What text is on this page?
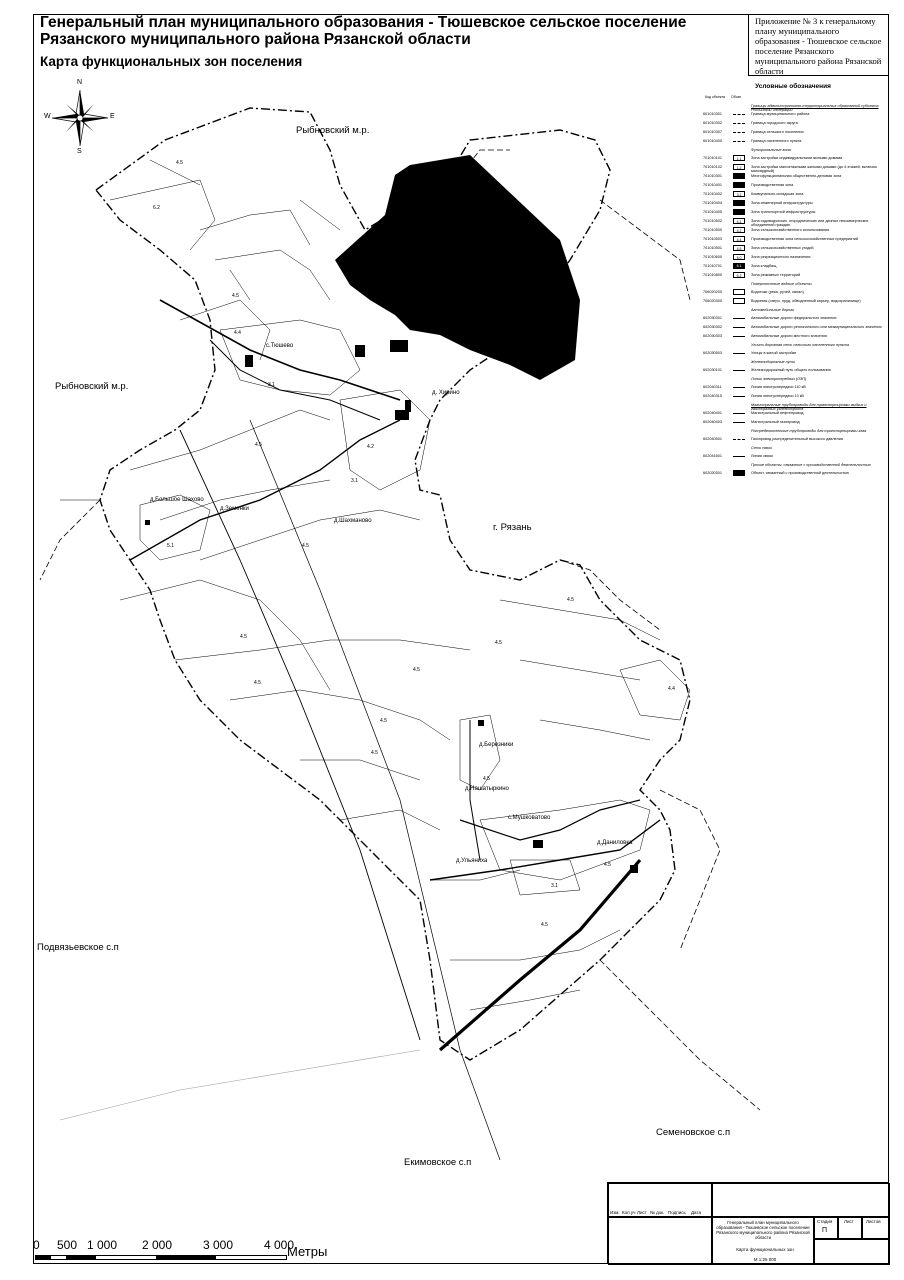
Генеральный план муниципального образования - Тюшевское сельское поселение Рязанского муниципального района Рязанской области
Карта функциональных зон поселения
Приложение № 3 к генеральному плану муниципального образования - Тюшевское сельское поселение Рязанского муниципального района Рязанской области
Рыбновский м.р.
Рыбновский м.р.
г. Рязань
Подвязьевское с.п
Семеновское с.п
Екимовское с.п
с.Тюшево
д. Хирино
д.Большое Шахово
д.Земенки
д.Шахманово
д.Березники
д.Нашатыркино
с.Мушковатово
д.Даниловка
д.Ульяниха
4.5
6.2
4.5
4.5
4.4
4.5
4.5
4.5
4.5
4.5
4.5
4.5
4.5
4.5
4.5
4.5
4.5
4.4
3.1
3.1
3.1
4.2
5.1
N
E
S
W
Условные обозначения
Код объекта Обозн.
Границы административно-территориальных образований субъекта Российской Федерации
601010301	Граница муниципального района
601010302	Граница городского округа
601010307	Граница сельского поселения
601010400	Граница населенного пункта
Функциональные зоны
701010101	1.1	Зона застройки индивидуальными жилыми домами
701010102	1.2	Зона застройки малоэтажными жилыми домами (до 4 этажей, включая мансардный)
701010301	Многофункциональная общественно-деловая зона
701010401	Производственная зона
701010402	3.2	Коммунально-складская зона
701010404	Зона инженерной инфраструктуры
701010405	Зона транспортной инфраструктуры
701010502	4.1	Зона садоводческих, огороднических или дачных некоммерческих объединений граждан
701010500	4.2	Зона сельскохозяйственного использования
701010503	4.4	Производственная зона сельскохозяйственных предприятий
701010501	4.5	Зона сельскохозяйственных угодий
701010600	5.0	Зона рекреационного назначения
701010701	6.1	Зона кладбищ
701010800	6.2	Зона режимных территорий
Поверхностные водные объекты
706020200	Водотоки (река, ручей, канал)
706020300	Водоемы (озеро, пруд, обводненный карьер, водохранилище)
Автомобильные дороги
602030301	Автомобильные дороги федерального значения
602030302	Автомобильные дороги регионального или межмуниципального значения
602030303	Автомобильные дороги местного значения
Улично-дорожная сеть сельского населенного пункта
602030503	Улицы в жилой застройке
Железнодорожные пути
602030101	Железнодорожный путь общего пользования
Линии электропередачи (ЛЭП)
602040311	Линия электропередачи 110 кВ
602040315	Линия электропередачи 10 кВ
Магистральные трубопроводы для транспортировки жидких и газообразных углеводородов
602040401	Магистральный нефтепровод
602040403	Магистральный газопровод
Распределительные трубопроводы для транспортировки газа
602040501	Газопровод распределительный высокого давления
Сети связи
602041601	Линия связи
Прочие объекты, связанные с производственной деятельностью
602020301	Объект, связанный с производственной деятельностью
0 500 1 000 2 000	3 000	4 000
Метры
Изм. Кол.уч Лист № док. Подпись Дата
Генеральный план муниципального образования - Тюшевское сельское поселение Рязанского муниципального района Рязанской области
Стадия	Лист	Листов
П
Карта функциональных зон
М 1:25 000
